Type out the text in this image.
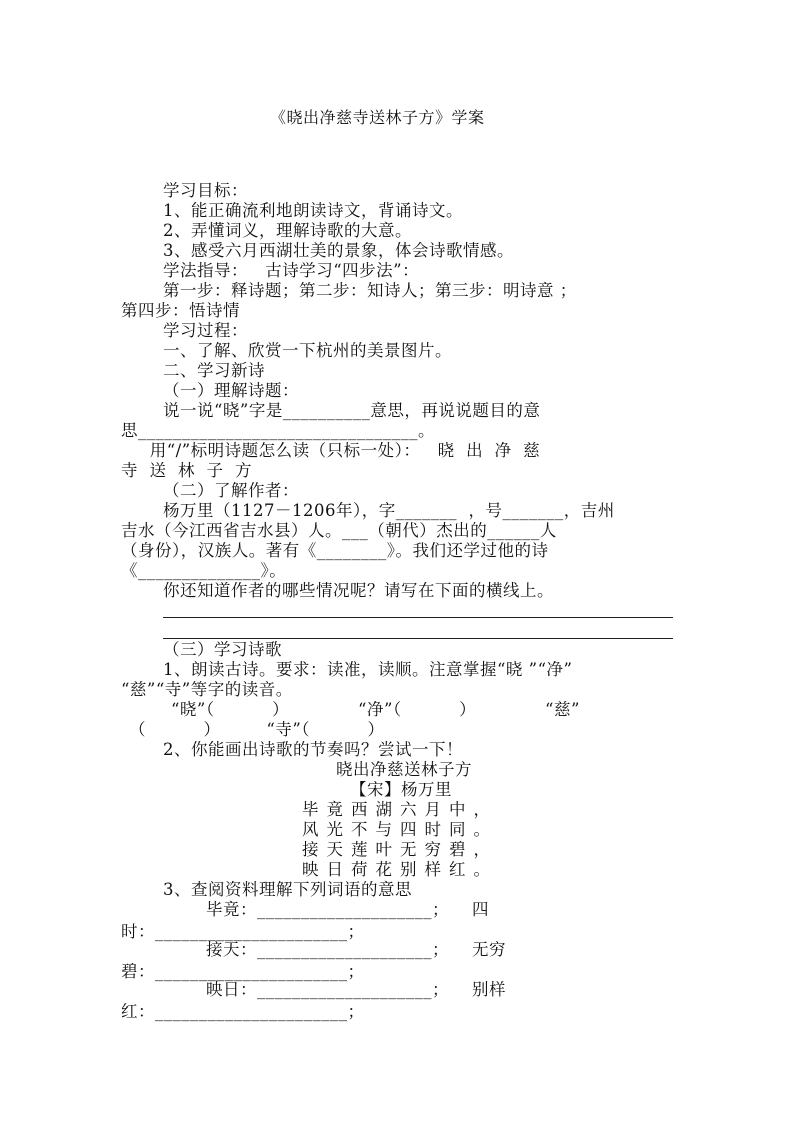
《晓出净慈寺送林子方》学案
学习目标：
1、能正确流利地朗读诗文，背诵诗文。
2、弄懂词义，理解诗歌的大意。
3、感受六月西湖壮美的景象，体会诗歌情感。
学法指导：   古诗学习“四步法”：
第一步：释诗题；第二步：知诗人；第三步：明诗意 ；
第四步：悟诗情
学习过程：
一、了解、欣赏一下杭州的美景图片。
二、学习新诗
（一）理解诗题：
说一说“晓”字是__________意思，再说说题目的意
思________________________________。
用“/”标明诗题怎么读（只标一处）：   晓  出  净  慈
寺  送  林  子  方
（二）了解作者：
杨万里（1127－1206年），字_______  ，号_______，吉州
吉水（今江西省吉水县）人。___（朝代）杰出的______人
（身份），汉族人。著有《________》。我们还学过他的诗
《______________》。
你还知道作者的哪些情况呢？请写在下面的横线上。
（三）学习诗歌
1、朗读古诗。要求：读准，读顺。注意掌握“晓 ”“净”
“慈”“寺”等字的读音。
“晓”（          ）            “净”（          ）            “慈”
（          ）        “寺”（          ）
2、你能画出诗歌的节奏吗？尝试一下！
晓出净慈送林子方
【宋】杨万里
毕竟西湖六月中，
风光不与四时同。
接天莲叶无穷碧，
映日荷花别样红。
3、查阅资料理解下列词语的意思
毕竟：____________________；    四
时：______________________；
接天：____________________；    无穷
碧：______________________；
映日：____________________；    别样
红：______________________；
